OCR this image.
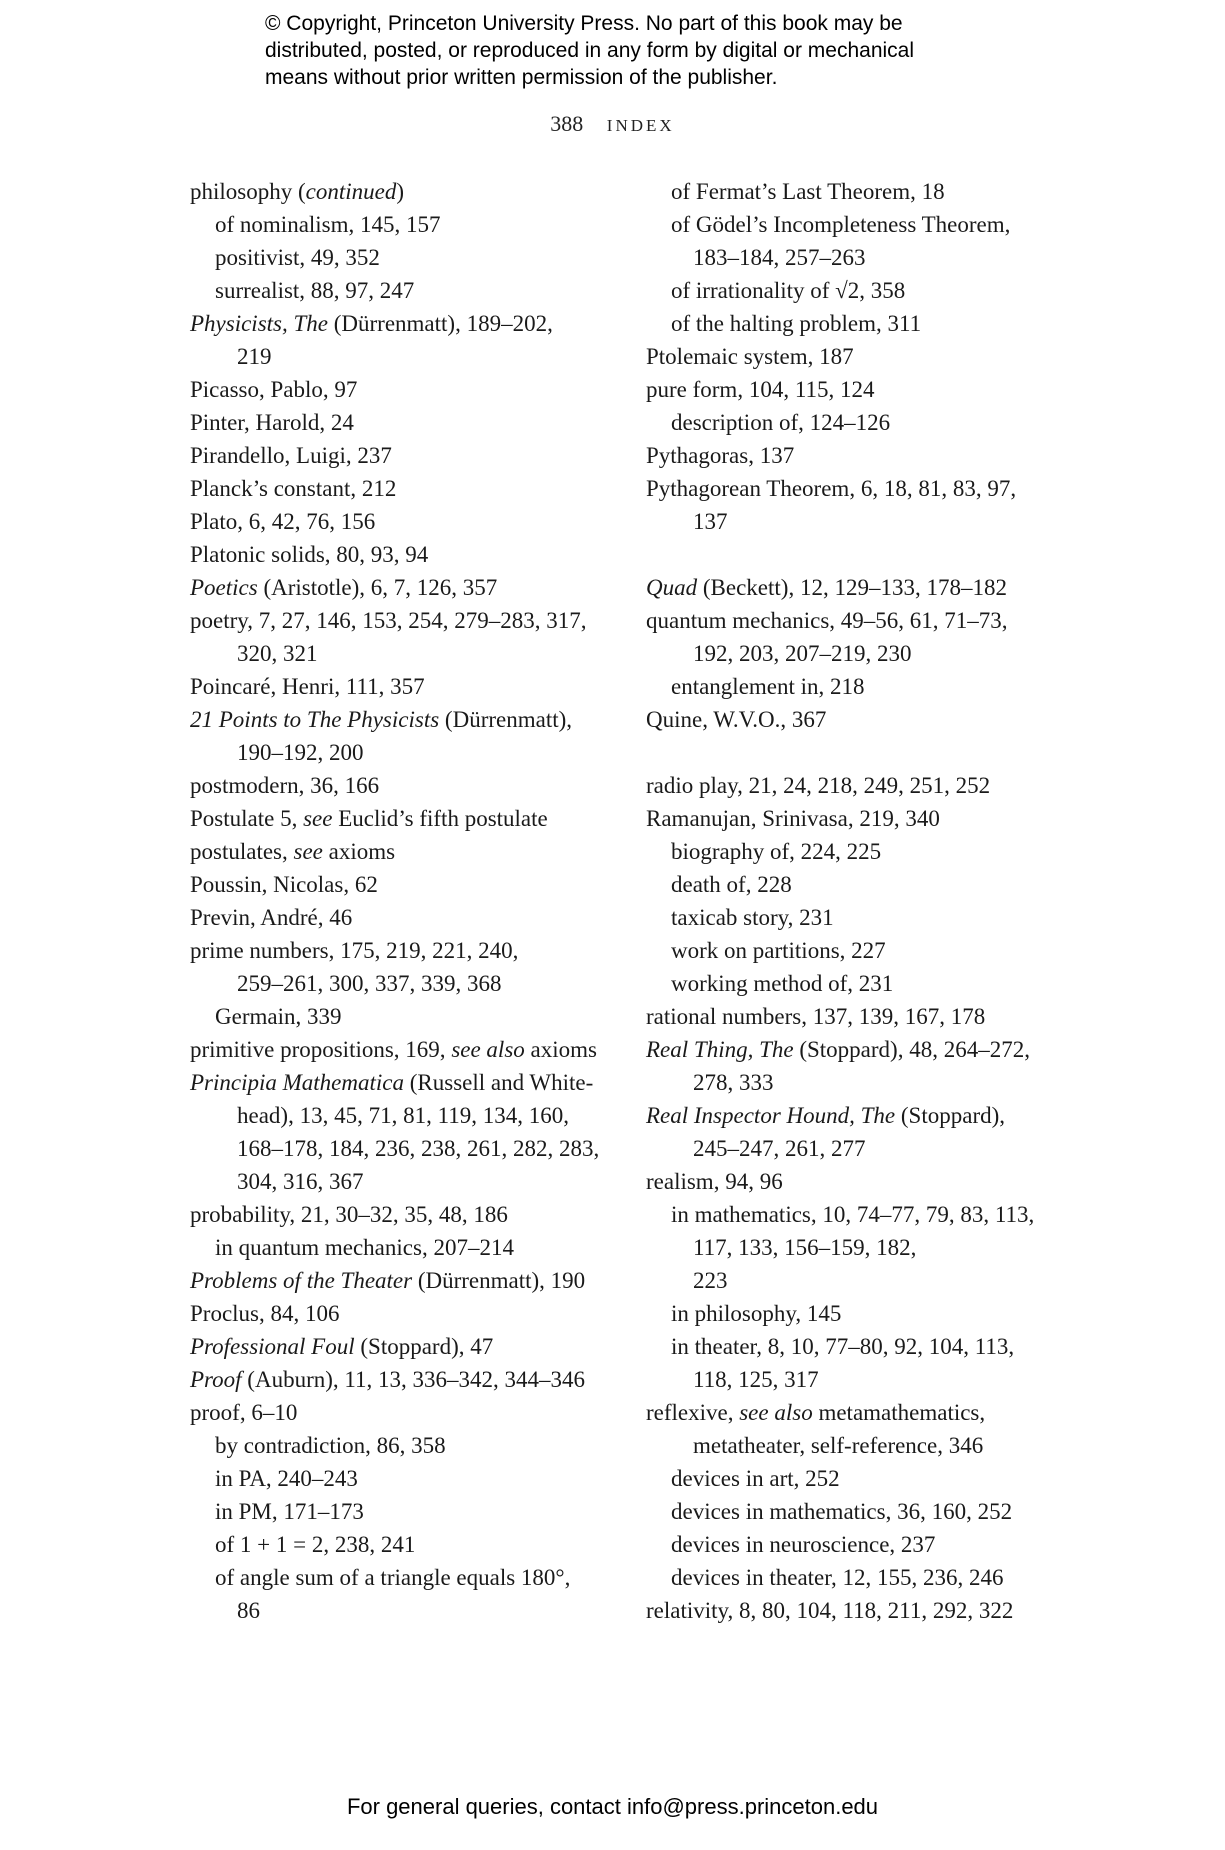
© Copyright, Princeton University Press. No part of this book may be
distributed, posted, or reproduced in any form by digital or mechanical
means without prior written permission of the publisher.
388 INDEX
philosophy (continued)
of nominalism, 145, 157
positivist, 49, 352
surrealist, 88, 97, 247
Physicists, The (Dürrenmatt), 189–202,
219
Picasso, Pablo, 97
Pinter, Harold, 24
Pirandello, Luigi, 237
Planck’s constant, 212
Plato, 6, 42, 76, 156
Platonic solids, 80, 93, 94
Poetics (Aristotle), 6, 7, 126, 357
poetry, 7, 27, 146, 153, 254, 279–283, 317,
320, 321
Poincaré, Henri, 111, 357
21 Points to The Physicists (Dürrenmatt),
190–192, 200
postmodern, 36, 166
Postulate 5, see Euclid’s fifth postulate
postulates, see axioms
Poussin, Nicolas, 62
Previn, André, 46
prime numbers, 175, 219, 221, 240,
259–261, 300, 337, 339, 368
Germain, 339
primitive propositions, 169, see also axioms
Principia Mathematica (Russell and White-
head), 13, 45, 71, 81, 119, 134, 160,
168–178, 184, 236, 238, 261, 282, 283,
304, 316, 367
probability, 21, 30–32, 35, 48, 186
in quantum mechanics, 207–214
Problems of the Theater (Dürrenmatt), 190
Proclus, 84, 106
Professional Foul (Stoppard), 47
Proof (Auburn), 11, 13, 336–342, 344–346
proof, 6–10
by contradiction, 86, 358
in PA, 240–243
in PM, 171–173
of 1 + 1 = 2, 238, 241
of angle sum of a triangle equals 180°,
86
of Fermat’s Last Theorem, 18
of Gödel’s Incompleteness Theorem,
183–184, 257–263
of irrationality of √2, 358
of the halting problem, 311
Ptolemaic system, 187
pure form, 104, 115, 124
description of, 124–126
Pythagoras, 137
Pythagorean Theorem, 6, 18, 81, 83, 97,
137
Quad (Beckett), 12, 129–133, 178–182
quantum mechanics, 49–56, 61, 71–73,
192, 203, 207–219, 230
entanglement in, 218
Quine, W.V.O., 367
radio play, 21, 24, 218, 249, 251, 252
Ramanujan, Srinivasa, 219, 340
biography of, 224, 225
death of, 228
taxicab story, 231
work on partitions, 227
working method of, 231
rational numbers, 137, 139, 167, 178
Real Thing, The (Stoppard), 48, 264–272,
278, 333
Real Inspector Hound, The (Stoppard),
245–247, 261, 277
realism, 94, 96
in mathematics, 10, 74–77, 79, 83, 113,
117, 133, 156–159, 182,
223
in philosophy, 145
in theater, 8, 10, 77–80, 92, 104, 113,
118, 125, 317
reflexive, see also metamathematics,
metatheater, self-reference, 346
devices in art, 252
devices in mathematics, 36, 160, 252
devices in neuroscience, 237
devices in theater, 12, 155, 236, 246
relativity, 8, 80, 104, 118, 211, 292, 322
For general queries, contact info@press.princeton.edu
